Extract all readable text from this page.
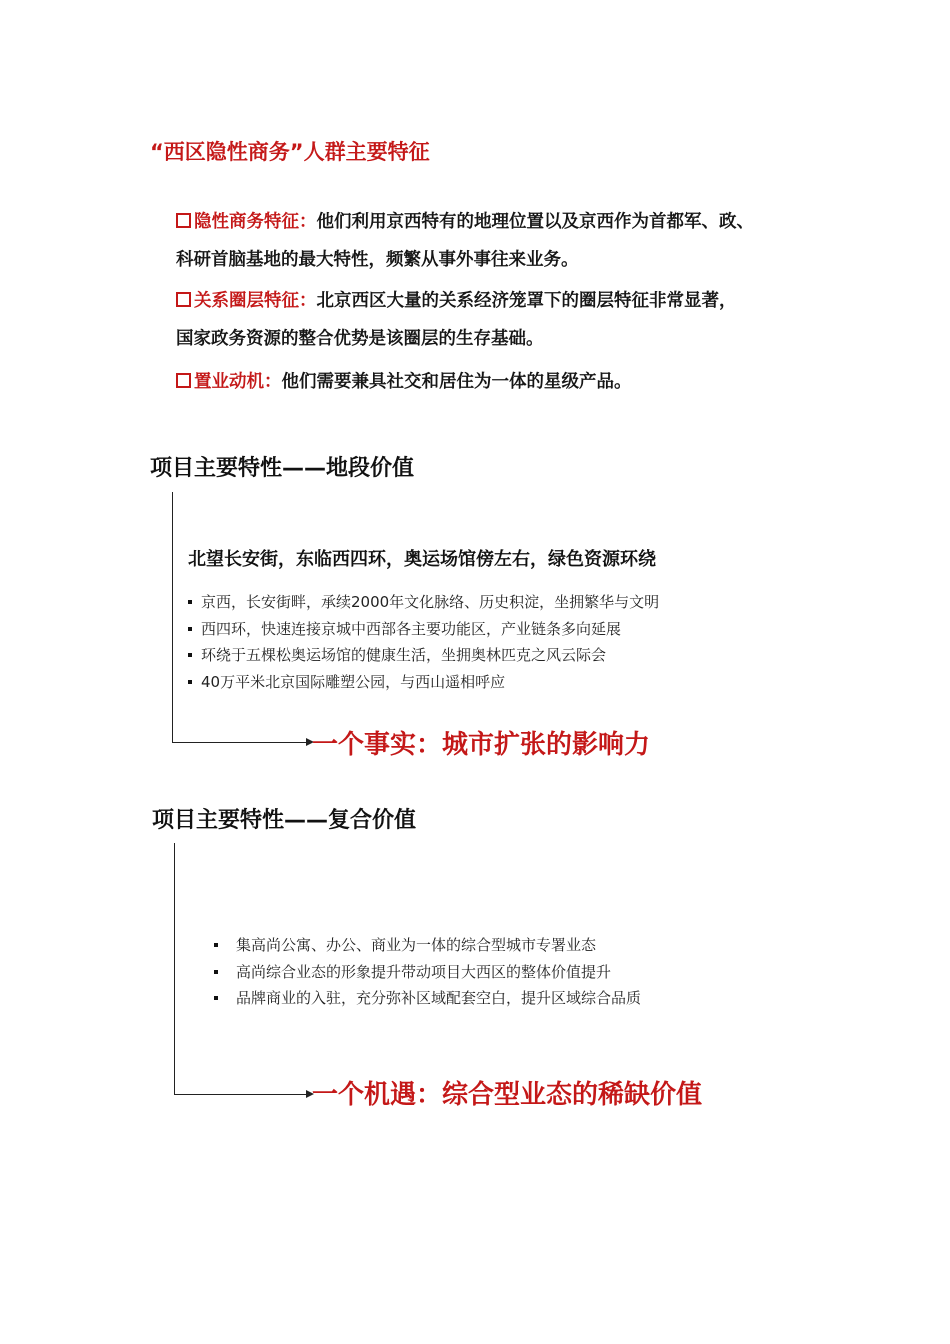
“西区隐性商务”人群主要特征
隐性商务特征：他们利用京西特有的地理位置以及京西作为首都军、政、
科研首脑基地的最大特性，频繁从事外事往来业务。
关系圈层特征：北京西区大量的关系经济笼罩下的圈层特征非常显著，
国家政务资源的整合优势是该圈层的生存基础。
置业动机：他们需要兼具社交和居住为一体的星级产品。
项目主要特性——地段价值
北望长安街，东临西四环，奥运场馆傍左右，绿色资源环绕
京西，长安街畔，承续2000年文化脉络、历史积淀，坐拥繁华与文明
西四环，快速连接京城中西部各主要功能区，产业链条多向延展
环绕于五棵松奥运场馆的健康生活，坐拥奥林匹克之风云际会
40万平米北京国际雕塑公园，与西山遥相呼应
一个事实：城市扩张的影响力
项目主要特性——复合价值
集高尚公寓、办公、商业为一体的综合型城市专署业态
高尚综合业态的形象提升带动项目大西区的整体价值提升
品牌商业的入驻，充分弥补区域配套空白，提升区域综合品质
一个机遇：综合型业态的稀缺价值
